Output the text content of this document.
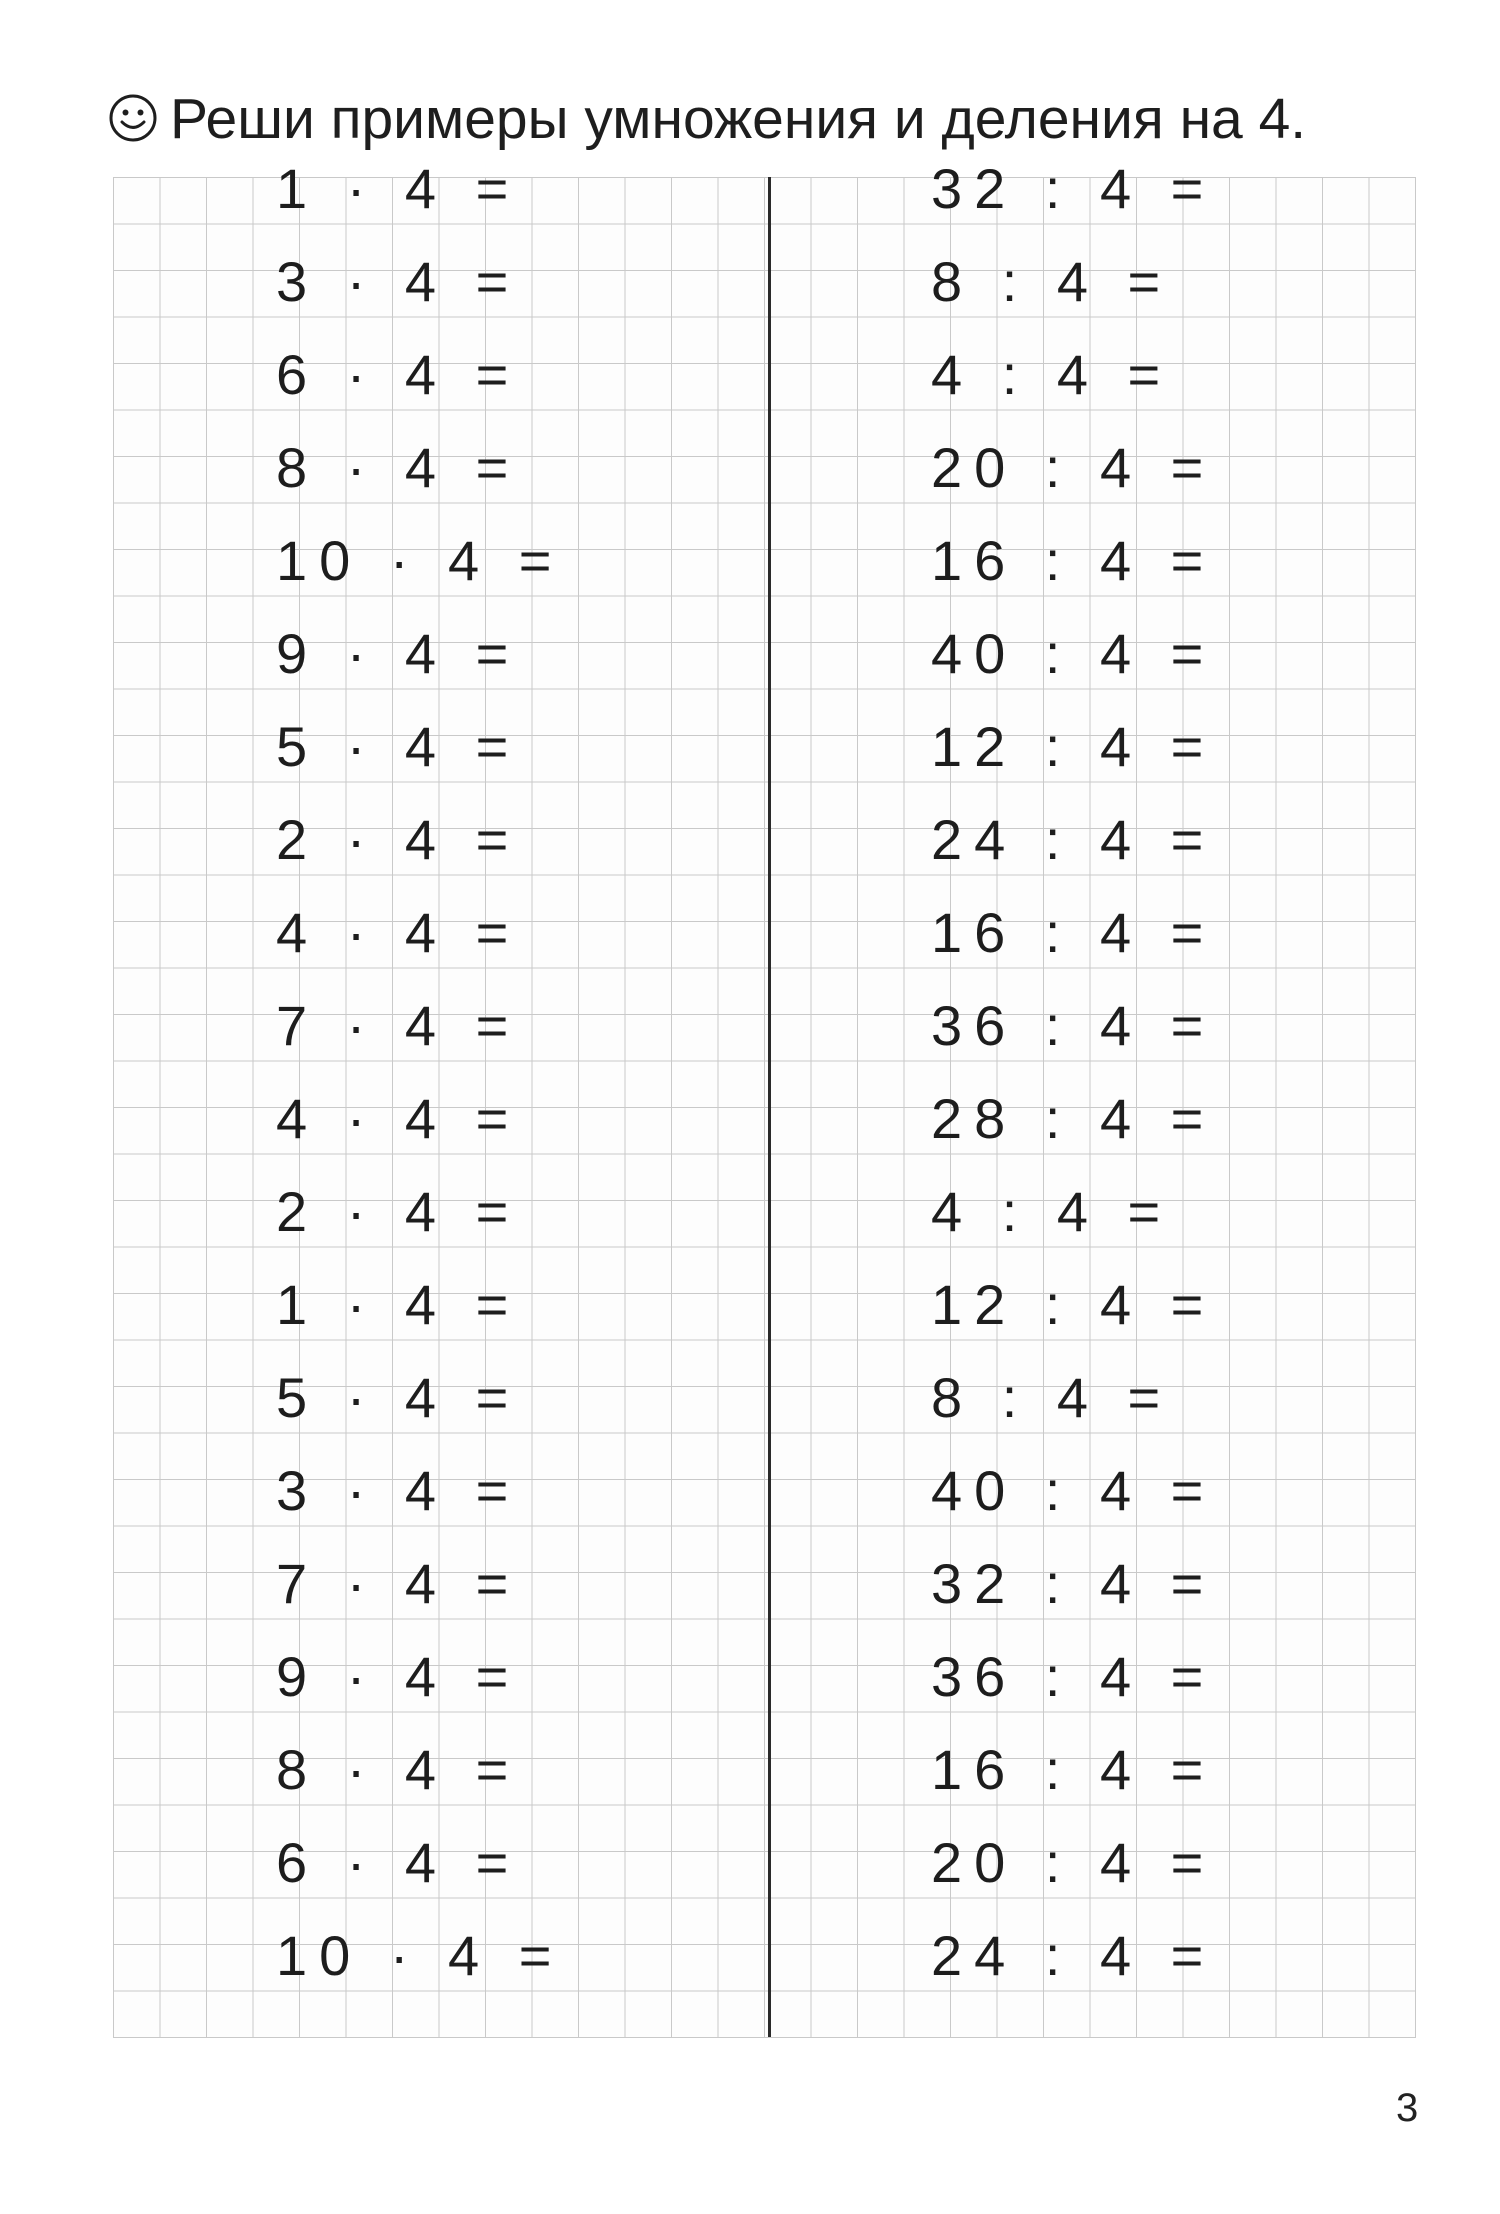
Реши примеры умножения и деления на 4.
1 · 4 =
3 · 4 =
6 · 4 =
8 · 4 =
10 · 4 =
9 · 4 =
5 · 4 =
2 · 4 =
4 · 4 =
7 · 4 =
4 · 4 =
2 · 4 =
1 · 4 =
5 · 4 =
3 · 4 =
7 · 4 =
9 · 4 =
8 · 4 =
6 · 4 =
10 · 4 =
32 : 4 =
8 : 4 =
4 : 4 =
20 : 4 =
16 : 4 =
40 : 4 =
12 : 4 =
24 : 4 =
16 : 4 =
36 : 4 =
28 : 4 =
4 : 4 =
12 : 4 =
8 : 4 =
40 : 4 =
32 : 4 =
36 : 4 =
16 : 4 =
20 : 4 =
24 : 4 =
3
